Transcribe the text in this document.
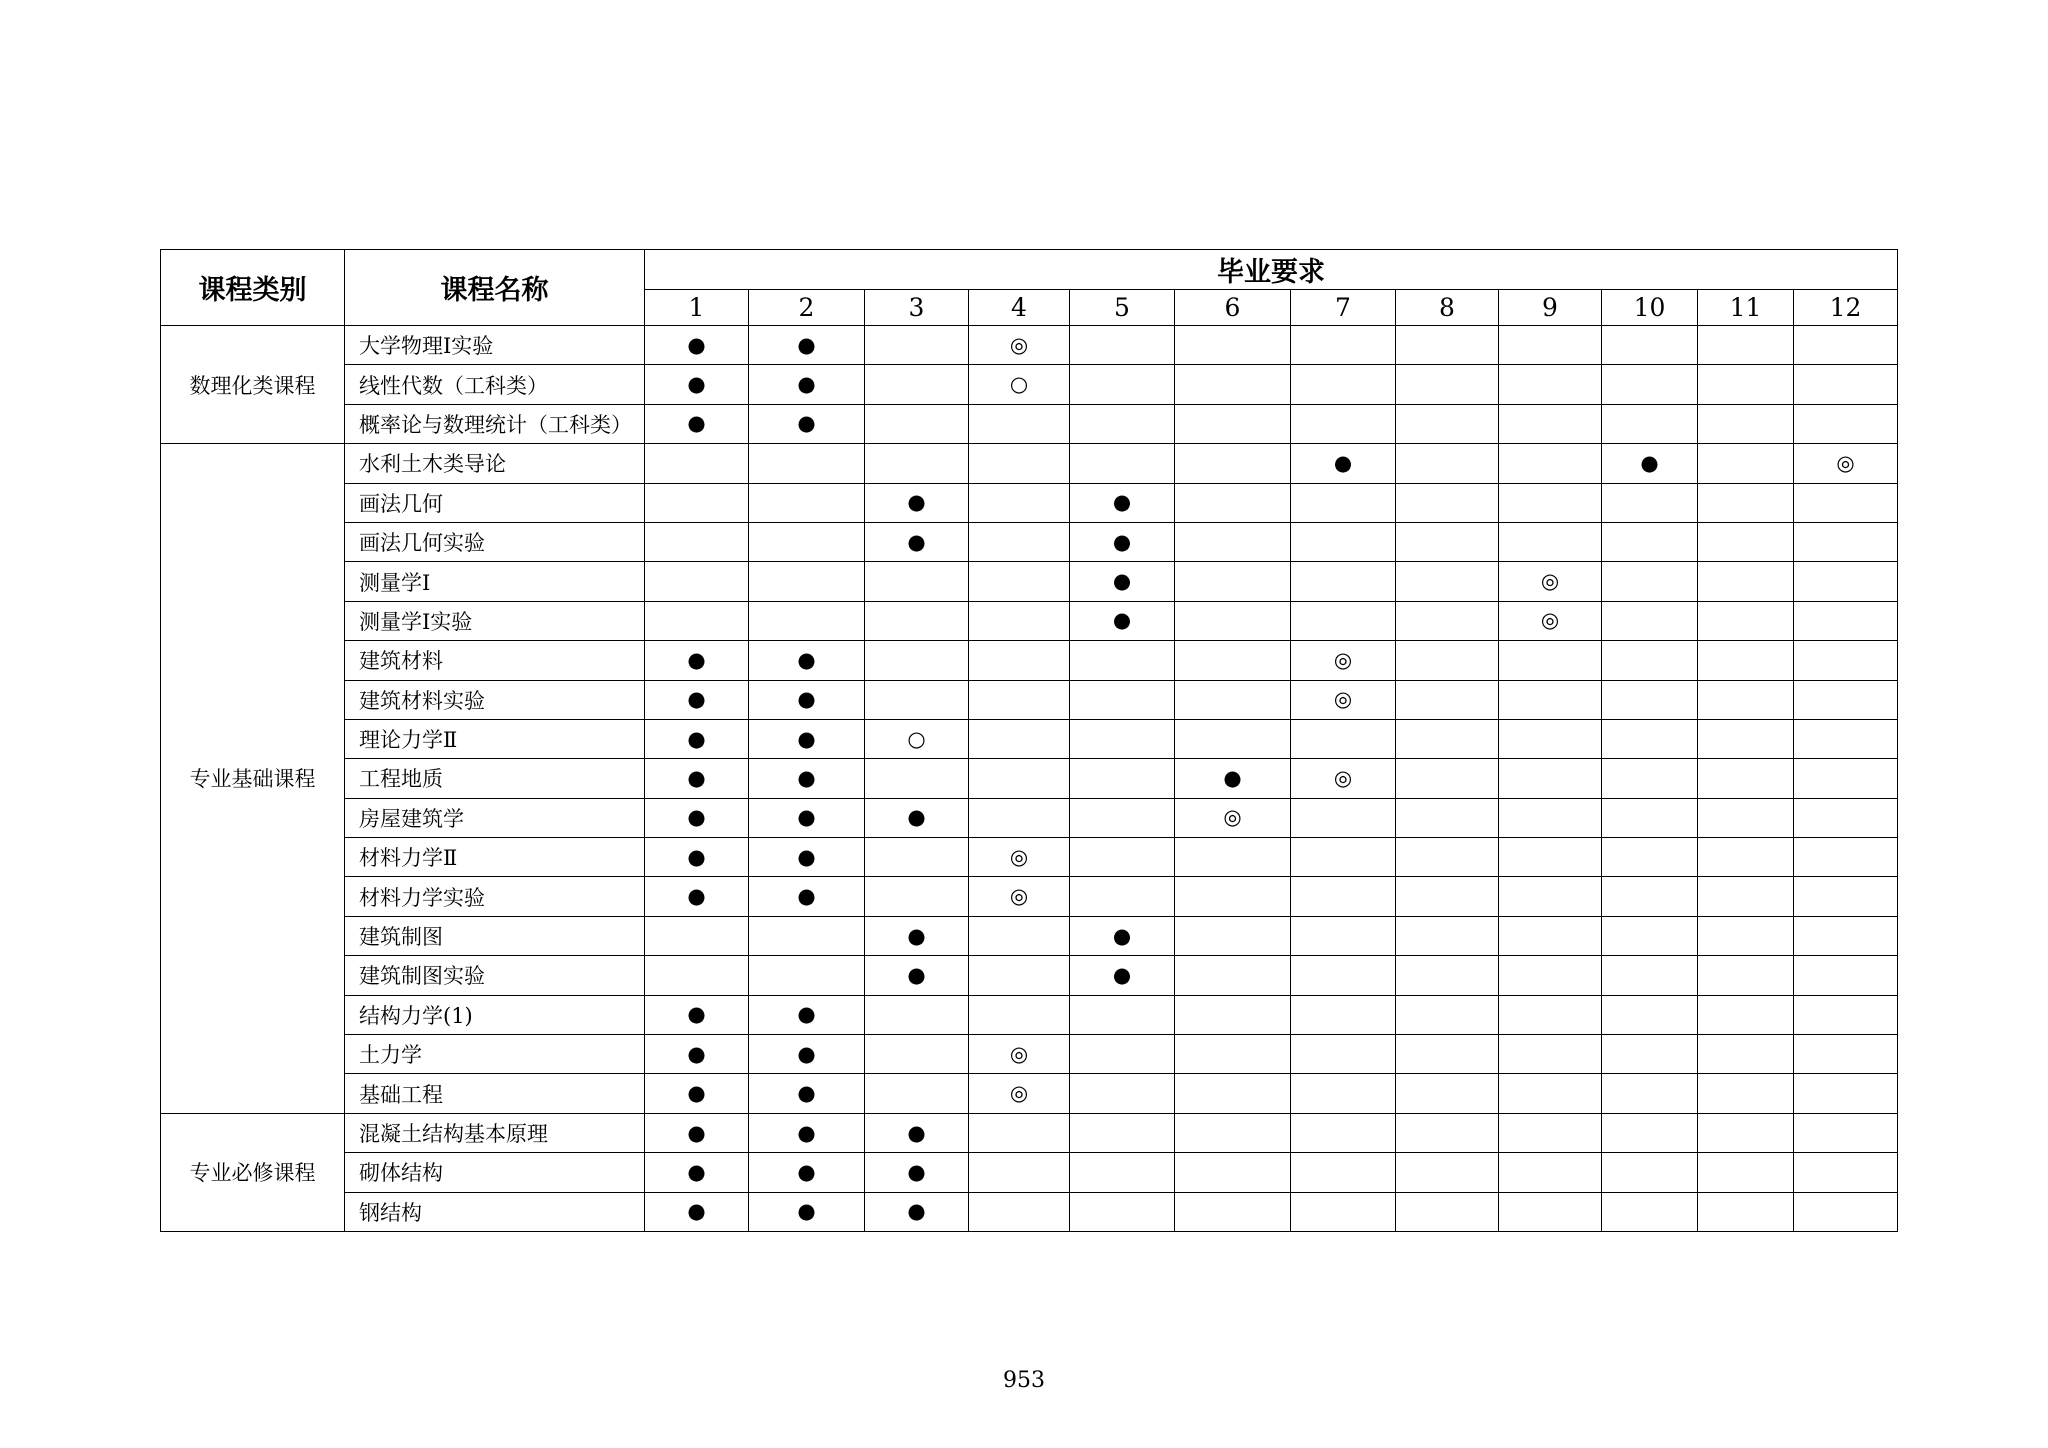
课程类别	课程名称	毕业要求											
		1	2	3	4	5	6	7	8	9	10	11	12
数理化类课程	大学物理Ⅰ实验	●	●		◎								
	线性代数（工科类）	●	●		○								
	概率论与数理统计（工科类）	●	●										
专业基础课程	水利土木类导论							●			●		◎
	画法几何			●		●							
	画法几何实验			●		●							
	测量学Ⅰ					●				◎			
	测量学Ⅰ实验					●				◎			
	建筑材料	●	●					◎					
	建筑材料实验	●	●					◎					
	理论力学Ⅱ	●	●	○									
	工程地质	●	●				●	◎					
	房屋建筑学	●	●	●			◎						
	材料力学Ⅱ	●	●		◎								
	材料力学实验	●	●		◎								
	建筑制图			●		●							
	建筑制图实验			●		●							
	结构力学(1)	●	●										
	土力学	●	●		◎								
	基础工程	●	●		◎								
专业必修课程	混凝土结构基本原理	●	●	●									
	砌体结构	●	●	●									
	钢结构	●	●	●									
953
